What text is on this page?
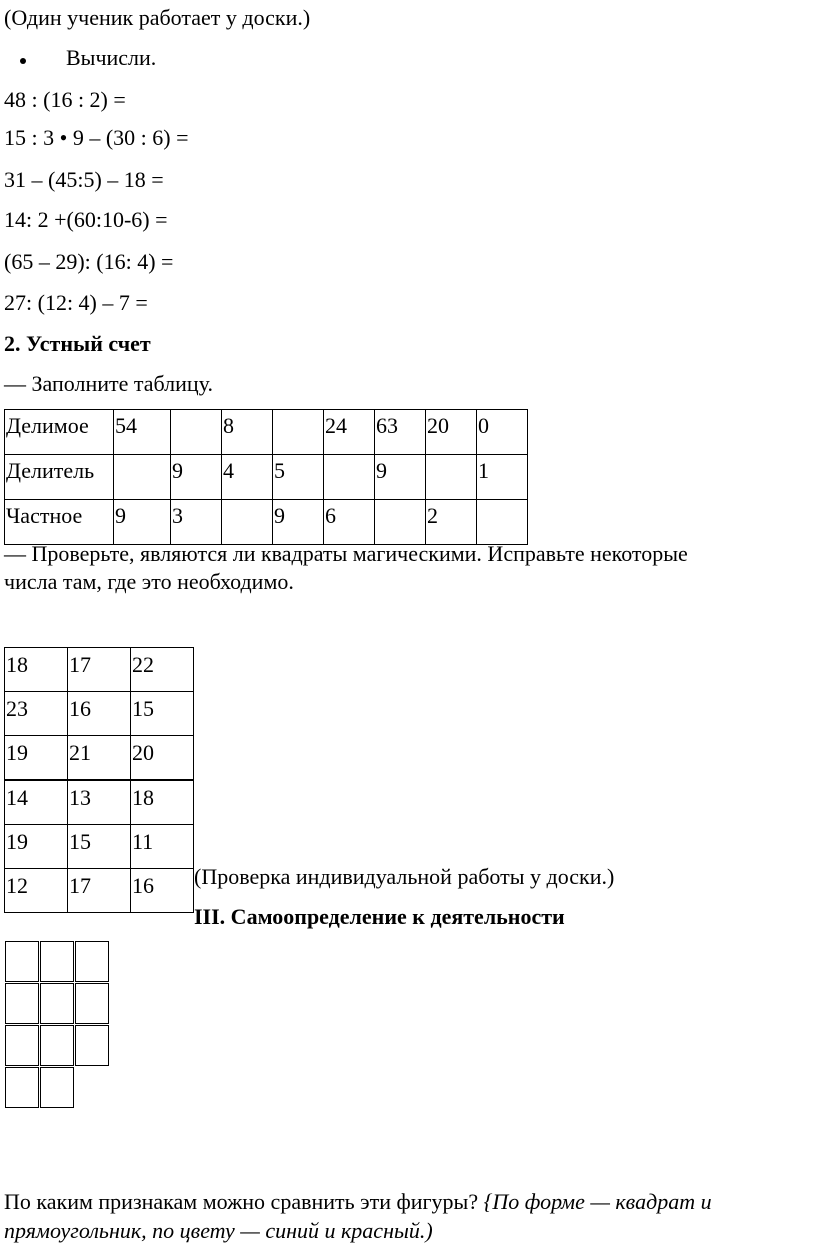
(Один ученик работает у доски.)
Вычисли.
48 : (16 : 2) =
15 : 3 • 9 – (30 : 6) =
31 – (45:5) – 18 =
14: 2 +(60:10-6) =
(65 – 29): (16: 4) =
27: (12: 4) – 7 =
2. Устный счет
— Заполните таблицу.
Делимое	54		8		24	63	20	0
Делитель		9	4	5		9		1
Частное	9	3		9	6		2	
— Проверьте, являются ли квадраты магическими. Исправьте некоторые
числа там, где это необходимо.
18	17	22
23	16	15
19	21	20
14	13	18
19	15	11
12	17	16 (Проверка индивидуальной работы у доски.)
III. Самоопределение к деятельности
По каким признакам можно сравнить эти фигуры? {По форме — квадрат и
прямоугольник, по цвету — синий и красный.)
